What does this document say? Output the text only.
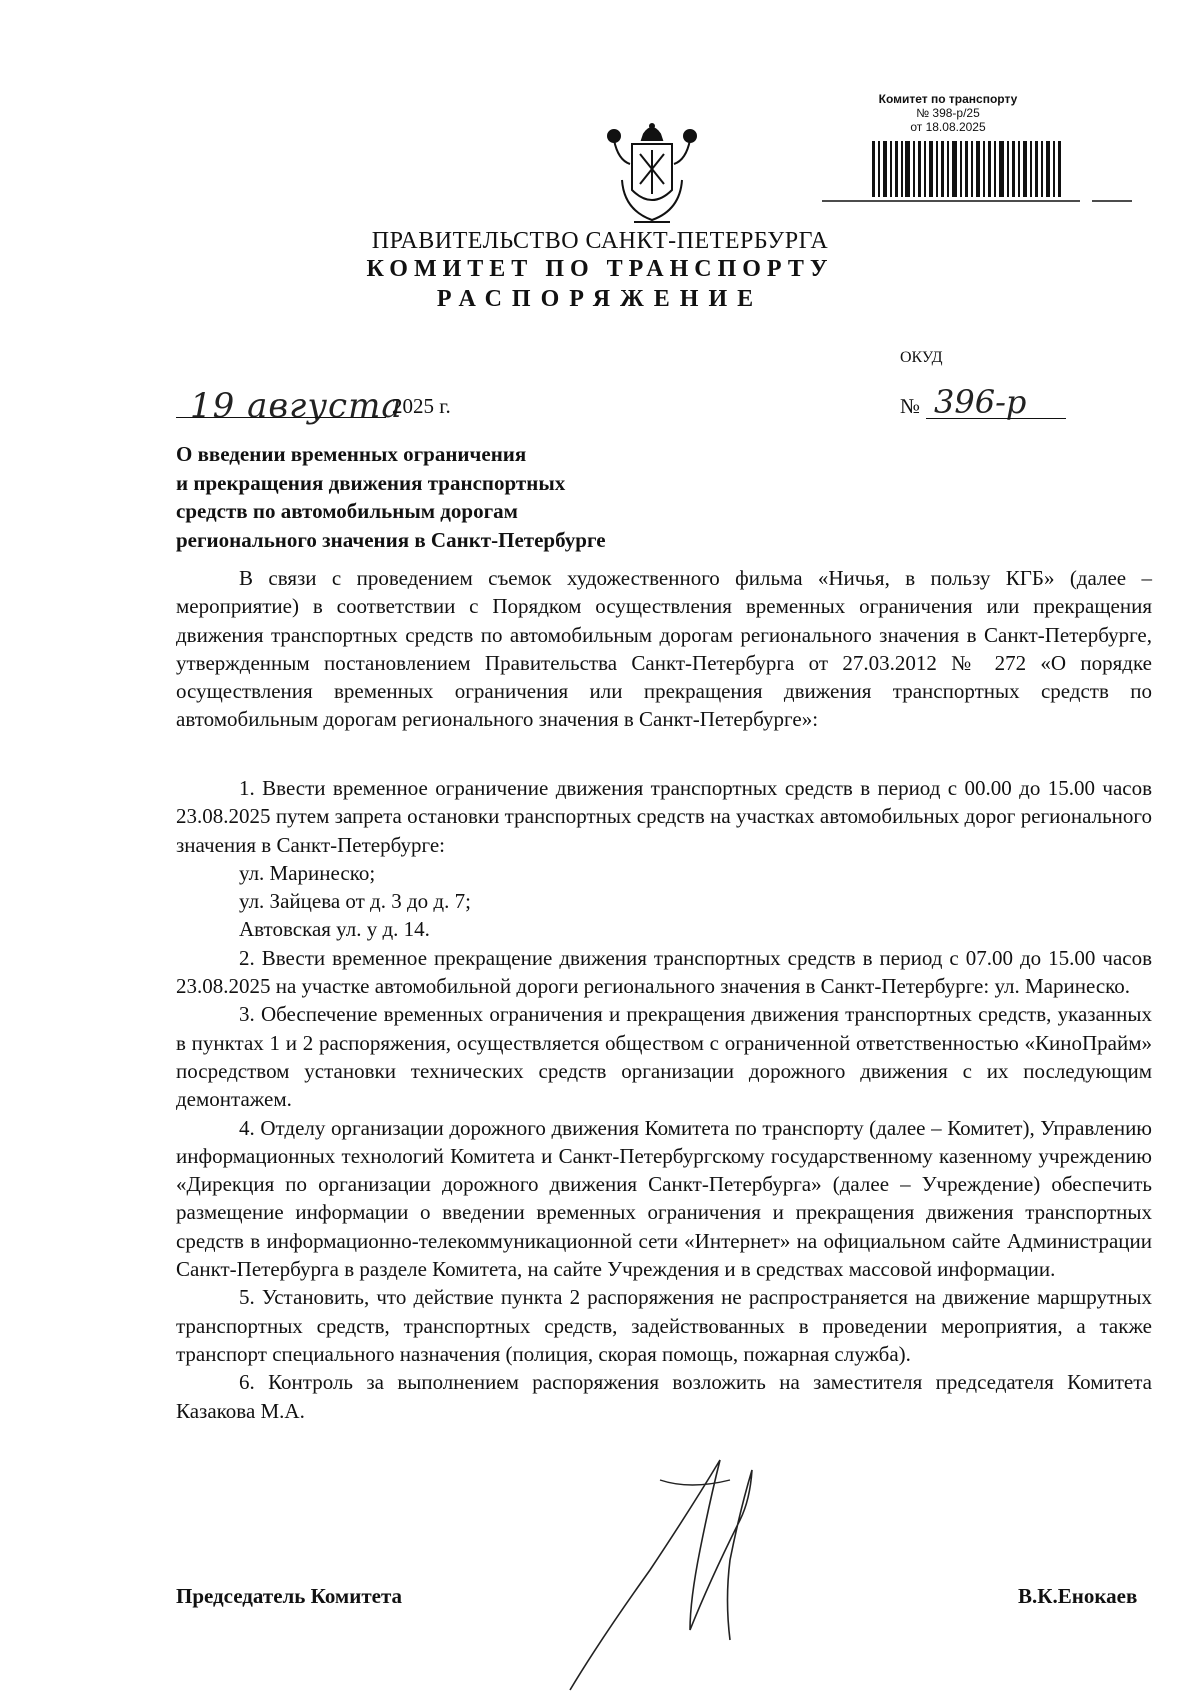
Комитет по транспорту
№ 398-р/25
от 18.08.2025
ПРАВИТЕЛЬСТВО САНКТ-ПЕТЕРБУРГА
КОМИТЕТ ПО ТРАНСПОРТУ
РАСПОРЯЖЕНИЕ
ОКУД
19 августа
2025 г.	№ 396-р
О введении временных ограничения
и прекращения движения транспортных
средств по автомобильным дорогам
регионального значения в Санкт-Петербурге

В связи с проведением съемок художественного фильма «Ничья, в пользу КГБ» (далее – мероприятие) в соответствии с Порядком осуществления временных ограничения или прекращения движения транспортных средств по автомобильным дорогам регионального значения в Санкт-Петербурге, утвержденным постановлением Правительства Санкт-Петербурга от 27.03.2012 № 272 «О порядке осуществления временных ограничения или прекращения движения транспортных средств по автомобильным дорогам регионального значения в Санкт-Петербурге»:

1. Ввести временное ограничение движения транспортных средств в период с 00.00 до 15.00 часов 23.08.2025 путем запрета остановки транспортных средств на участках автомобильных дорог регионального значения в Санкт-Петербурге:

ул. Маринеско;

ул. Зайцева от д. 3 до д. 7;

Автовская ул. у д. 14.

2. Ввести временное прекращение движения транспортных средств в период с 07.00 до 15.00 часов 23.08.2025 на участке автомобильной дороги регионального значения в Санкт-Петербурге: ул. Маринеско.

3. Обеспечение временных ограничения и прекращения движения транспортных средств, указанных в пунктах 1 и 2 распоряжения, осуществляется обществом с ограниченной ответственностью «КиноПрайм» посредством установки технических средств организации дорожного движения с их последующим демонтажем.

4. Отделу организации дорожного движения Комитета по транспорту (далее – Комитет), Управлению информационных технологий Комитета и Санкт-Петербургскому государственному казенному учреждению «Дирекция по организации дорожного движения Санкт-Петербурга» (далее – Учреждение) обеспечить размещение информации о введении временных ограничения и прекращения движения транспортных средств в информационно-телекоммуникационной сети «Интернет» на официальном сайте Администрации Санкт-Петербурга в разделе Комитета, на сайте Учреждения и в средствах массовой информации.

5. Установить, что действие пункта 2 распоряжения не распространяется на движение маршрутных транспортных средств, транспортных средств, задействованных в проведении мероприятия, а также транспорт специального назначения (полиция, скорая помощь, пожарная служба).

6. Контроль за выполнением распоряжения возложить на заместителя председателя Комитета Казакова М.А.

Председатель Комитета	В.К.Енокаев
